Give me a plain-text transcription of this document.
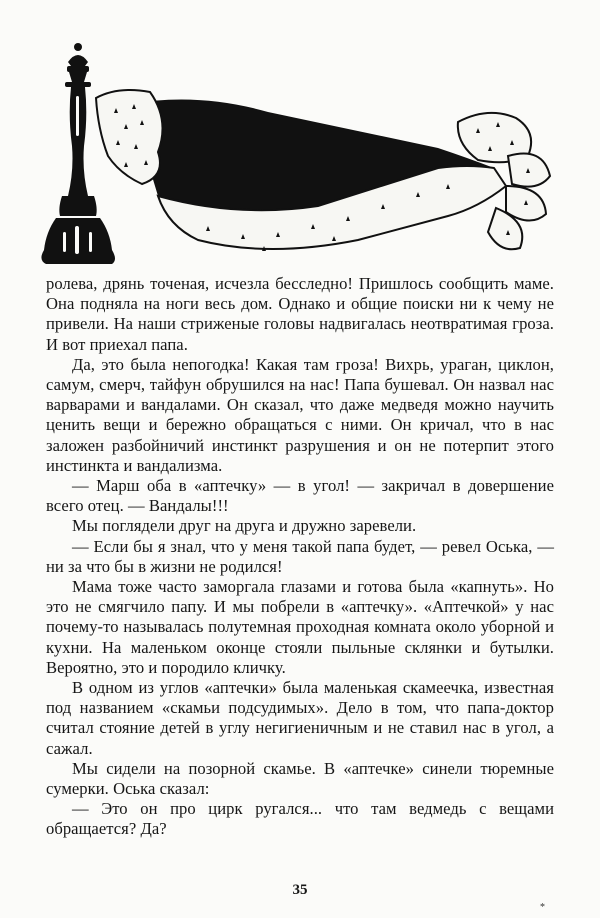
ролева, дрянь точеная, исчезла бесследно! Пришлось сообщить маме. Она подняла на ноги весь дом. Однако и общие поиски ни к чему не привели. На наши стриженые головы надвигалась неотвратимая гроза. И вот приехал папа.

Да, это была непогодка! Какая там гроза! Вихрь, ураган, циклон, самум, смерч, тайфун обрушился на нас! Папа бушевал. Он назвал нас варварами и вандалами. Он сказал, что даже медведя можно научить ценить вещи и бережно обращаться с ними. Он кричал, что в нас заложен разбойничий инстинкт разрушения и он не потерпит этого инстинкта и вандализма.

— Марш оба в «аптечку» — в угол! — закричал в довершение всего отец. — Вандалы!!!

Мы поглядели друг на друга и дружно заревели.

— Если бы я знал, что у меня такой папа будет, — ревел Оська, — ни за что бы в жизни не родился!

Мама тоже часто заморгала глазами и готова была «капнуть». Но это не смягчило папу. И мы побрели в «аптечку». «Аптечкой» у нас почему-то называлась полутемная проходная комната около уборной и кухни. На маленьком оконце стояли пыльные склянки и бутылки. Вероятно, это и породило кличку.

В одном из углов «аптечки» была маленькая скамеечка, известная под названием «скамьи подсудимых». Дело в том, что папа-доктор считал стояние детей в углу негигиеничным и не ставил нас в угол, а сажал.

Мы сидели на позорной скамье. В «аптечке» синели тюремные сумерки. Оська сказал:

— Это он про цирк ругался... что там ведмедь с вещами обращается? Да?

35
*
